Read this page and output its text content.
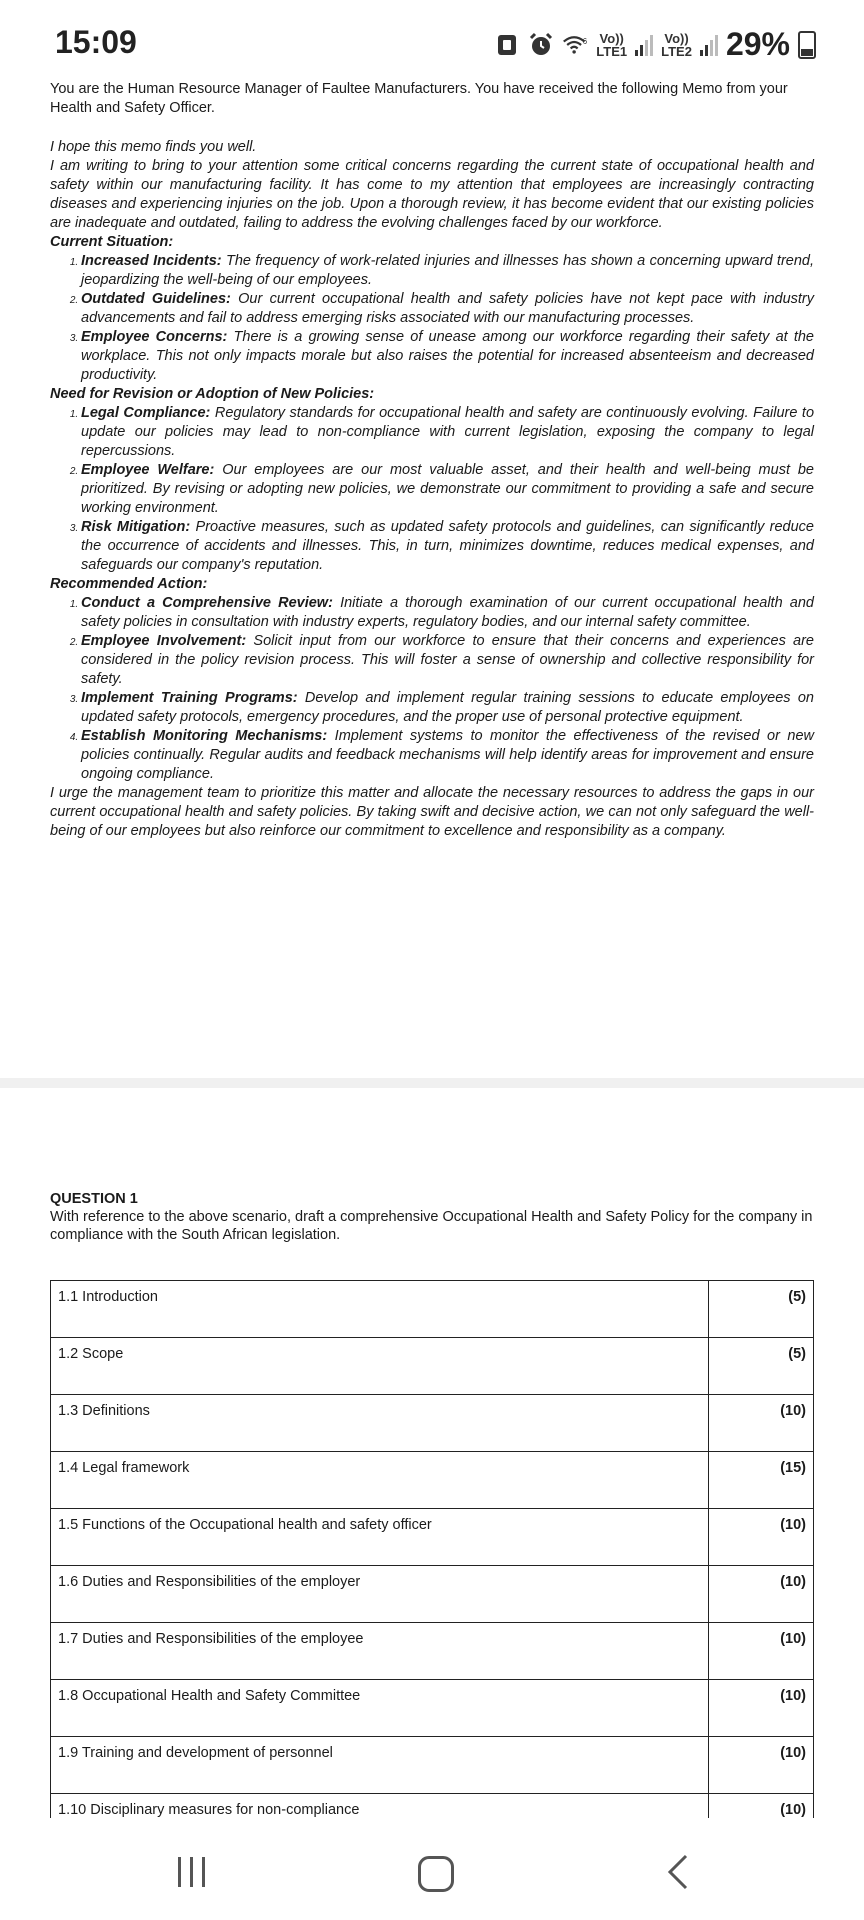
15:09	6 Vo))
LTE1
Vo))
LTE2 29%
You are the Human Resource Manager of Faultee Manufacturers. You have received the following Memo from your Health and Safety Officer.

I hope this memo finds you well.

I am writing to bring to your attention some critical concerns regarding the current state of occupational health and safety within our manufacturing facility. It has come to my attention that employees are increasingly contracting diseases and experiencing injuries on the job. Upon a thorough review, it has become evident that our existing policies are inadequate and outdated, failing to address the evolving challenges faced by our workforce.

Current Situation:

1. Increased Incidents: The frequency of work-related injuries and illnesses has shown a concerning upward trend, jeopardizing the well-being of our employees.
2. Outdated Guidelines: Our current occupational health and safety policies have not kept pace with industry advancements and fail to address emerging risks associated with our manufacturing processes.
3. Employee Concerns: There is a growing sense of unease among our workforce regarding their safety at the workplace. This not only impacts morale but also raises the potential for increased absenteeism and decreased productivity.

Need for Revision or Adoption of New Policies:

1. Legal Compliance: Regulatory standards for occupational health and safety are continuously evolving. Failure to update our policies may lead to non-compliance with current legislation, exposing the company to legal repercussions.
2. Employee Welfare: Our employees are our most valuable asset, and their health and well-being must be prioritized. By revising or adopting new policies, we demonstrate our commitment to providing a safe and secure working environment.
3. Risk Mitigation: Proactive measures, such as updated safety protocols and guidelines, can significantly reduce the occurrence of accidents and illnesses. This, in turn, minimizes downtime, reduces medical expenses, and safeguards our company's reputation.

Recommended Action:

1. Conduct a Comprehensive Review: Initiate a thorough examination of our current occupational health and safety policies in consultation with industry experts, regulatory bodies, and our internal safety committee.
2. Employee Involvement: Solicit input from our workforce to ensure that their concerns and experiences are considered in the policy revision process. This will foster a sense of ownership and collective responsibility for safety.
3. Implement Training Programs: Develop and implement regular training sessions to educate employees on updated safety protocols, emergency procedures, and the proper use of personal protective equipment.
4. Establish Monitoring Mechanisms: Implement systems to monitor the effectiveness of the revised or new policies continually. Regular audits and feedback mechanisms will help identify areas for improvement and ensure ongoing compliance.

I urge the management team to prioritize this matter and allocate the necessary resources to address the gaps in our current occupational health and safety policies. By taking swift and decisive action, we can not only safeguard the well-being of our employees but also reinforce our commitment to excellence and responsibility as a company.

QUESTION 1
With reference to the above scenario, draft a comprehensive Occupational Health and Safety Policy for the company in compliance with the South African legislation.
1.1 Introduction	(5)
1.2 Scope	(5)
1.3 Definitions	(10)
1.4 Legal framework	(15)
1.5 Functions of the Occupational health and safety officer	(10)
1.6 Duties and Responsibilities of the employer	(10)
1.7 Duties and Responsibilities of the employee	(10)
1.8 Occupational Health and Safety Committee	(10)
1.9 Training and development of personnel	(10)
1.10 Disciplinary measures for non-compliance	(10)
